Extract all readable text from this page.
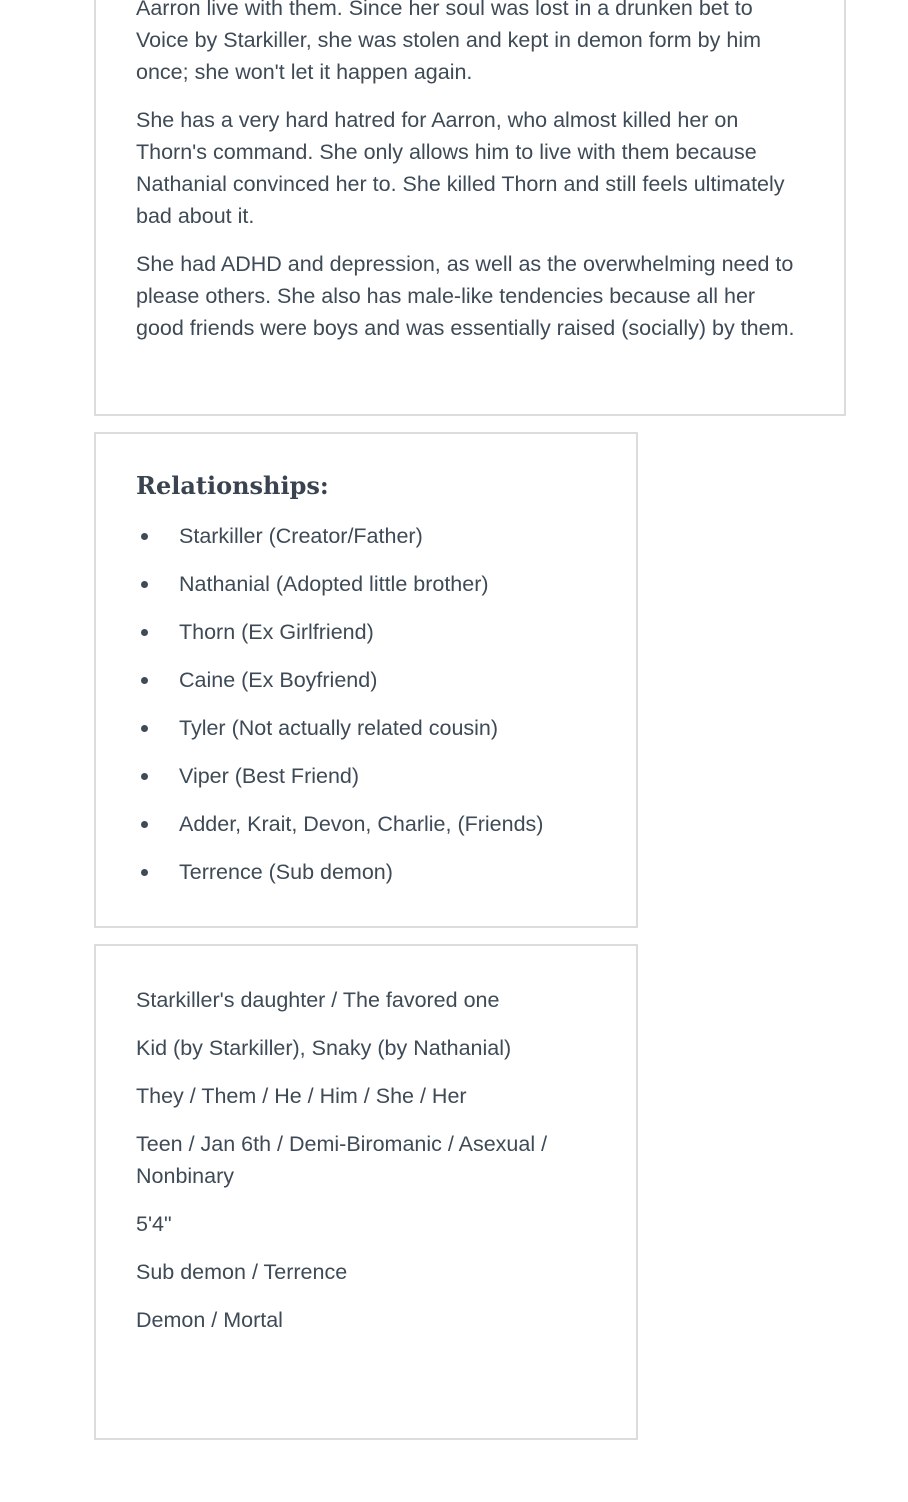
Aarron live with them. Since her soul was lost in a drunken bet to Voice by Starkiller, she was stolen and kept in demon form by him once; she won't let it happen again.

She has a very hard hatred for Aarron, who almost killed her on Thorn's command. She only allows him to live with them because Nathanial convinced her to. She killed Thorn and still feels ultimately bad about it.

She had ADHD and depression, as well as the overwhelming need to please others. She also has male-like tendencies because all her good friends were boys and was essentially raised (socially) by them.

Relationships:
Starkiller (Creator/Father)
Nathanial (Adopted little brother)
Thorn (Ex Girlfriend)
Caine (Ex Boyfriend)
Tyler (Not actually related cousin)
Viper (Best Friend)
Adder, Krait, Devon, Charlie, (Friends)
Terrence (Sub demon)

Starkiller's daughter / The favored one

Kid (by Starkiller), Snaky (by Nathanial)

They / Them / He / Him / She / Her

Teen / Jan 6th / Demi-Biromanic / Asexual / Nonbinary

5'4"

Sub demon / Terrence

Demon / Mortal
